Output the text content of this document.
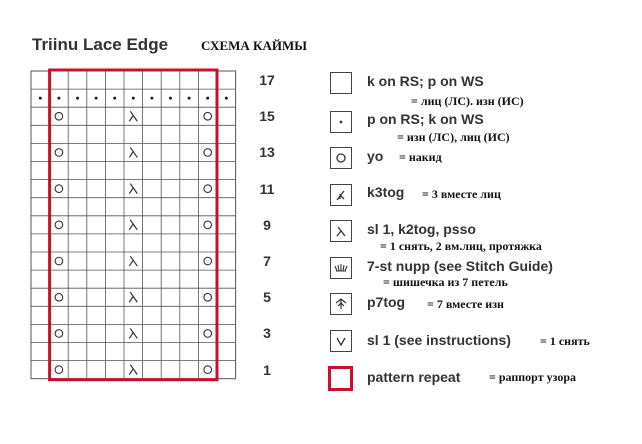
Triinu Lace Edge	СХЕМА КАЙМЫ
17
15
13
11
9
7
5
3
1
k on RS; p on WS
= лиц (ЛС). изн (ИС)
p on RS; k on WS
= изн (ЛС), лиц (ИС)
yo = накид
k3tog = 3 вместе лиц
sl 1, k2tog, psso
= 1 снять, 2 вм.лиц, протяжка
7-st nupp (see Stitch Guide)
= шишечка из 7 петель
p7tog = 7 вместе изн
sl 1 (see instructions) = 1 снять
pattern repeat = раппорт узора
